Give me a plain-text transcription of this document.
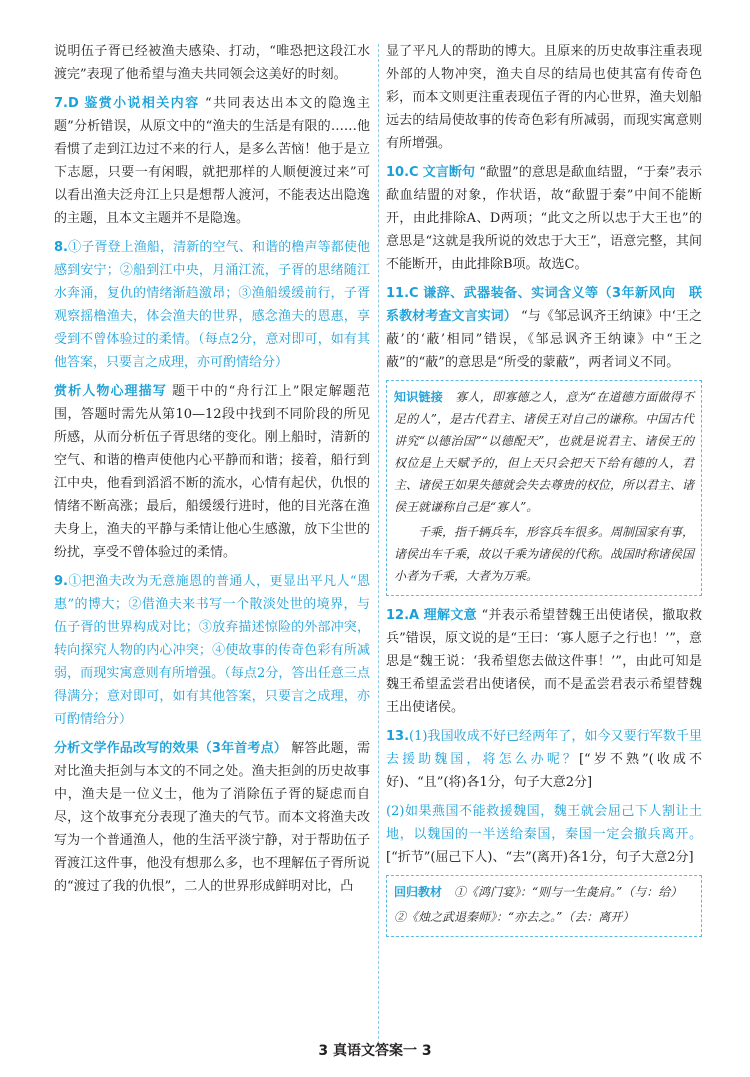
说明伍子胥已经被渔夫感染、打动，“唯恐把这段江水渡完”表现了他希望与渔夫共同领会这美好的时刻。

7.D 鉴赏小说相关内容 “共同表达出本文的隐逸主题”分析错误，从原文中的“渔夫的生活是有限的……他看惯了走到江边过不来的行人，是多么苦恼！他于是立下志愿，只要一有闲暇，就把那样的人顺便渡过来”可以看出渔夫泛舟江上只是想帮人渡河，不能表达出隐逸的主题，且本文主题并不是隐逸。

8.①子胥登上渔船，清新的空气、和谐的橹声等都使他感到安宁；②船到江中央，月涌江流，子胥的思绪随江水奔涌，复仇的情绪渐趋激昂；③渔船缓缓前行，子胥观察摇橹渔夫，体会渔夫的世界，感念渔夫的恩惠，享受到不曾体验过的柔情。（每点2分，意对即可，如有其他答案，只要言之成理，亦可酌情给分）

赏析人物心理描写 题干中的“舟行江上”限定解题范围，答题时需先从第10—12段中找到不同阶段的所见所感，从而分析伍子胥思绪的变化。刚上船时，清新的空气、和谐的橹声使他内心平静而和谐；接着，船行到江中央，他看到滔滔不断的流水，心情有起伏，仇恨的情绪不断高涨；最后，船缓缓行进时，他的目光落在渔夫身上，渔夫的平静与柔情让他心生感激，放下尘世的纷扰，享受不曾体验过的柔情。

9.①把渔夫改为无意施恩的普通人，更显出平凡人“恩惠”的博大；②借渔夫来书写一个散淡处世的境界，与伍子胥的世界构成对比；③放弃描述惊险的外部冲突，转向探究人物的内心冲突；④使故事的传奇色彩有所减弱，而现实寓意则有所增强。（每点2分，答出任意三点得满分；意对即可，如有其他答案，只要言之成理，亦可酌情给分）

分析文学作品改写的效果（3年首考点） 解答此题，需对比渔夫拒剑与本文的不同之处。渔夫拒剑的历史故事中，渔夫是一位义士，他为了消除伍子胥的疑虑而自尽，这个故事充分表现了渔夫的气节。而本文将渔夫改写为一个普通渔人，他的生活平淡宁静，对于帮助伍子胥渡江这件事，他没有想那么多，也不理解伍子胥所说的“渡过了我的仇恨”，二人的世界形成鲜明对比，凸

显了平凡人的帮助的博大。且原来的历史故事注重表现外部的人物冲突，渔夫自尽的结局也使其富有传奇色彩，而本文则更注重表现伍子胥的内心世界，渔夫划船远去的结局使故事的传奇色彩有所减弱，而现实寓意则有所增强。

10.C 文言断句 “歃盟”的意思是歃血结盟，“于秦”表示歃血结盟的对象，作状语，故“歃盟于秦”中间不能断开，由此排除A、D两项；“此文之所以忠于大王也”的意思是“这就是我所说的效忠于大王”，语意完整，其间不能断开，由此排除B项。故选C。

11.C 谦辞、武器装备、实词含义等（3年新风向　联系教材考查文言实词） “与《邹忌讽齐王纳谏》中‘王之蔽’的‘蔽’相同”错误，《邹忌讽齐王纳谏》中“王之蔽”的“蔽”的意思是“所受的蒙蔽”，两者词义不同。

知识链接　 寡人，即寡德之人，意为“在道德方面做得不足的人”，是古代君主、诸侯王对自己的谦称。中国古代讲究“以德治国”“以德配天”，也就是说君主、诸侯王的权位是上天赋予的，但上天只会把天下给有德的人，君主、诸侯王如果失德就会失去尊贵的权位，所以君主、诸侯王就谦称自己是“寡人”。

千乘，指千辆兵车，形容兵车很多。周制国家有事，诸侯出车千乘，故以千乘为诸侯的代称。战国时称诸侯国小者为千乘，大者为万乘。

12.A 理解文意 “并表示希望替魏王出使诸侯，撤取救兵”错误，原文说的是“王曰：‘寡人愿子之行也！’”，意思是“魏王说：‘我希望您去做这件事！’”，由此可知是魏王希望孟尝君出使诸侯，而不是孟尝君表示希望替魏王出使诸侯。

13.(1)我国收成不好已经两年了，如今又要行军数千里去援助魏国，将怎么办呢？[“岁不熟”(收成不好)、“且”(将)各1分，句子大意2分]

(2)如果燕国不能救援魏国，魏王就会屈己下人割让土地，以魏国的一半送给秦国，秦国一定会撤兵离开。[“折节”(屈己下人)、“去”(离开)各1分，句子大意2分]

回归教材　 ①《鸿门宴》：“则与一生彘肩。”（与：给）

②《烛之武退秦师》：“亦去之。”（去：离开）

3 真语文答案一 3
